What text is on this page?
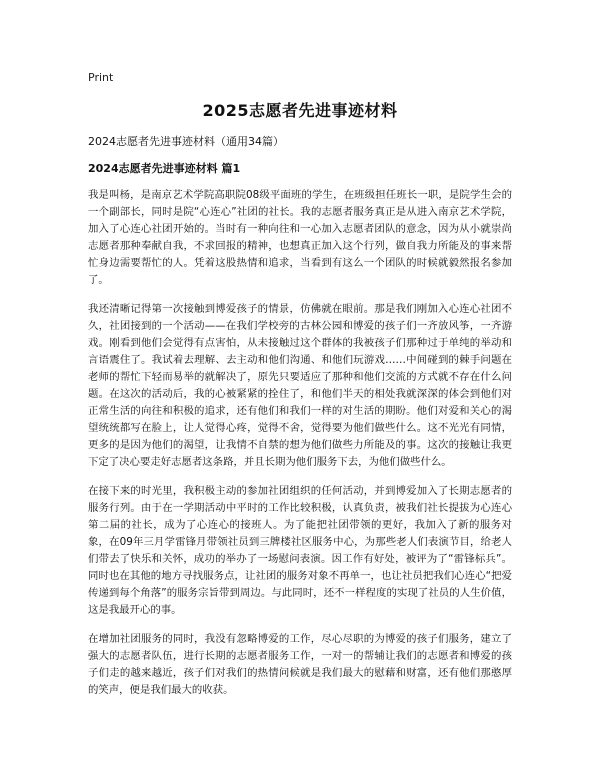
Print
2025志愿者先进事迹材料

2024志愿者先进事迹材料（通用34篇）

2024志愿者先进事迹材料 篇1

我是叫杨，是南京艺术学院高职院08级平面班的学生，在班级担任班长一职，是院学生会的一个副部长，同时是院“心连心”社团的社长。我的志愿者服务真正是从进入南京艺术学院，加入了心连心社团开始的。当时有一种向往和一心加入志愿者团队的意念，因为从小就崇尚志愿者那种奉献自我，不求回报的精神，也想真正加入这个行列，做自我力所能及的事来帮忙身边需要帮忙的人。凭着这股热情和追求，当看到有这么一个团队的时候就毅然报名参加了。

我还清晰记得第一次接触到博爱孩子的情景，仿佛就在眼前。那是我们刚加入心连心社团不久，社团接到的一个活动——在我们学校旁的古林公园和博爱的孩子们一齐放风筝，一齐游戏。刚看到他们会觉得有点害怕，从未接触过这个群体的我被孩子们那种过于单纯的举动和言语震住了。我试着去理解、去主动和他们沟通、和他们玩游戏……中间碰到的棘手问题在老师的帮忙下轻而易举的就解决了，原先只要适应了那种和他们交流的方式就不存在什么问题。在这次的活动后，我的心被紧紧的拴住了，和他们半天的相处我就深深的体会到他们对正常生活的向往和积极的追求，还有他们和我们一样的对生活的期盼。他们对爱和关心的渴望统统都写在脸上，让人觉得心疼，觉得不舍，觉得要为他们做些什么。这不光光有同情，更多的是因为他们的渴望，让我情不自禁的想为他们做些力所能及的事。这次的接触让我更下定了决心要走好志愿者这条路，并且长期为他们服务下去，为他们做些什么。

在接下来的时光里，我积极主动的参加社团组织的任何活动，并到博爱加入了长期志愿者的服务行列。由于在一学期活动中平时的工作比较积极，认真负责，被我们社长提拔为心连心第二届的社长，成为了心连心的接班人。为了能把社团带领的更好，我加入了新的服务对象，在09年三月学雷锋月带领社员到三牌楼社区服务中心，为那些老人们表演节目，给老人们带去了快乐和关怀，成功的举办了一场慰问表演。因工作有好处，被评为了“雷锋标兵”。同时也在其他的地方寻找服务点，让社团的服务对象不再单一，也让社员把我们心连心“把爱传递到每个角落”的服务宗旨带到周边。与此同时，还不一样程度的实现了社员的人生价值，这是我最开心的事。

在增加社团服务的同时，我没有忽略博爱的工作，尽心尽职的为博爱的孩子们服务，建立了强大的志愿者队伍，进行长期的志愿者服务工作，一对一的帮辅让我们的志愿者和博爱的孩子们走的越来越近，孩子们对我们的热情问候就是我们最大的慰藉和财富，还有他们那憨厚的笑声，便是我们最大的收获。
